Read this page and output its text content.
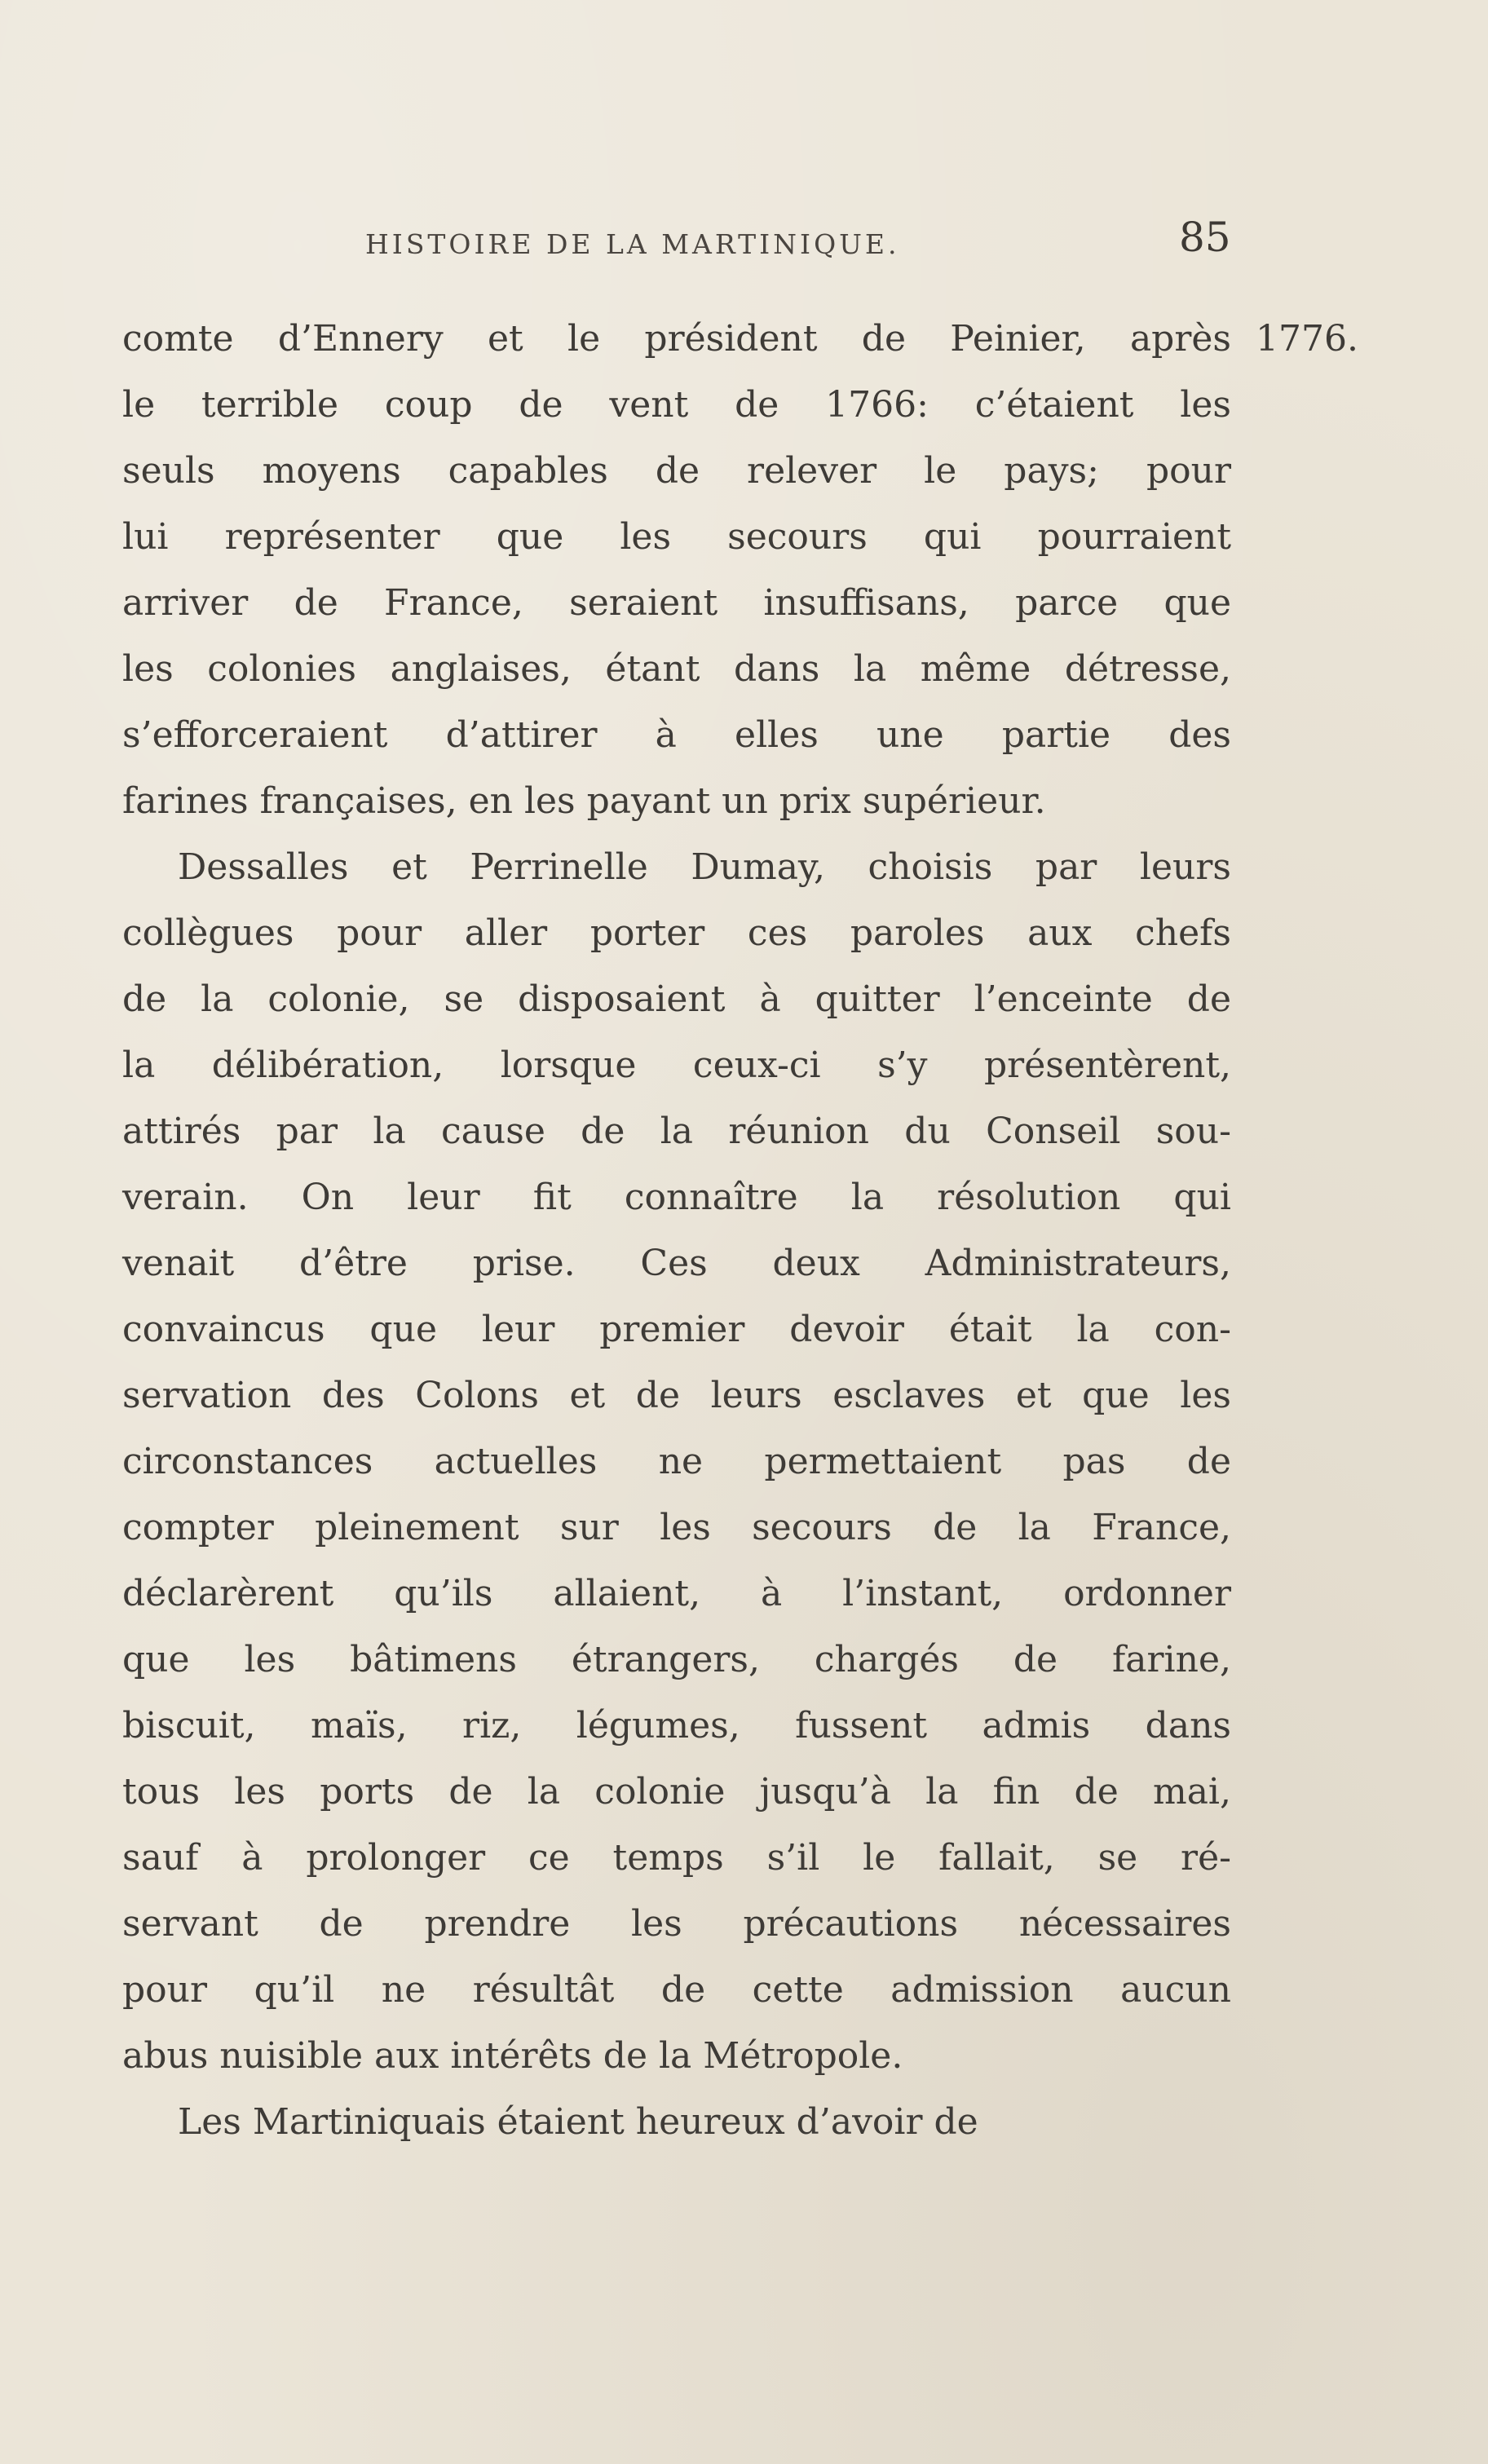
HISTOIRE DE LA MARTINIQUE.	85
comte d’Ennery et le président de Peinier, après
le terrible coup de vent de 1766: c’étaient les
seuls moyens capables de relever le pays; pour
lui représenter que les secours qui pourraient
arriver de France, seraient insuffisans, parce que
les colonies anglaises, étant dans la même détresse,
s’efforceraient d’attirer à elles une partie des
farines françaises, en les payant un prix supérieur.
Dessalles et Perrinelle Dumay, choisis par leurs
collègues pour aller porter ces paroles aux chefs
de la colonie, se disposaient à quitter l’enceinte de
la délibération, lorsque ceux-ci s’y présentèrent,
attirés par la cause de la réunion du Conseil sou-
verain. On leur fit connaître la résolution qui
venait d’être prise. Ces deux Administrateurs,
convaincus que leur premier devoir était la con-
servation des Colons et de leurs esclaves et que les
circonstances actuelles ne permettaient pas de
compter pleinement sur les secours de la France,
déclarèrent qu’ils allaient, à l’instant, ordonner
que les bâtimens étrangers, chargés de farine,
biscuit, maïs, riz, légumes, fussent admis dans
tous les ports de la colonie jusqu’à la fin de mai,
sauf à prolonger ce temps s’il le fallait, se ré-
servant de prendre les précautions nécessaires
pour qu’il ne résultât de cette admission aucun
abus nuisible aux intérêts de la Métropole.
Les Martiniquais étaient heureux d’avoir de
1776.
